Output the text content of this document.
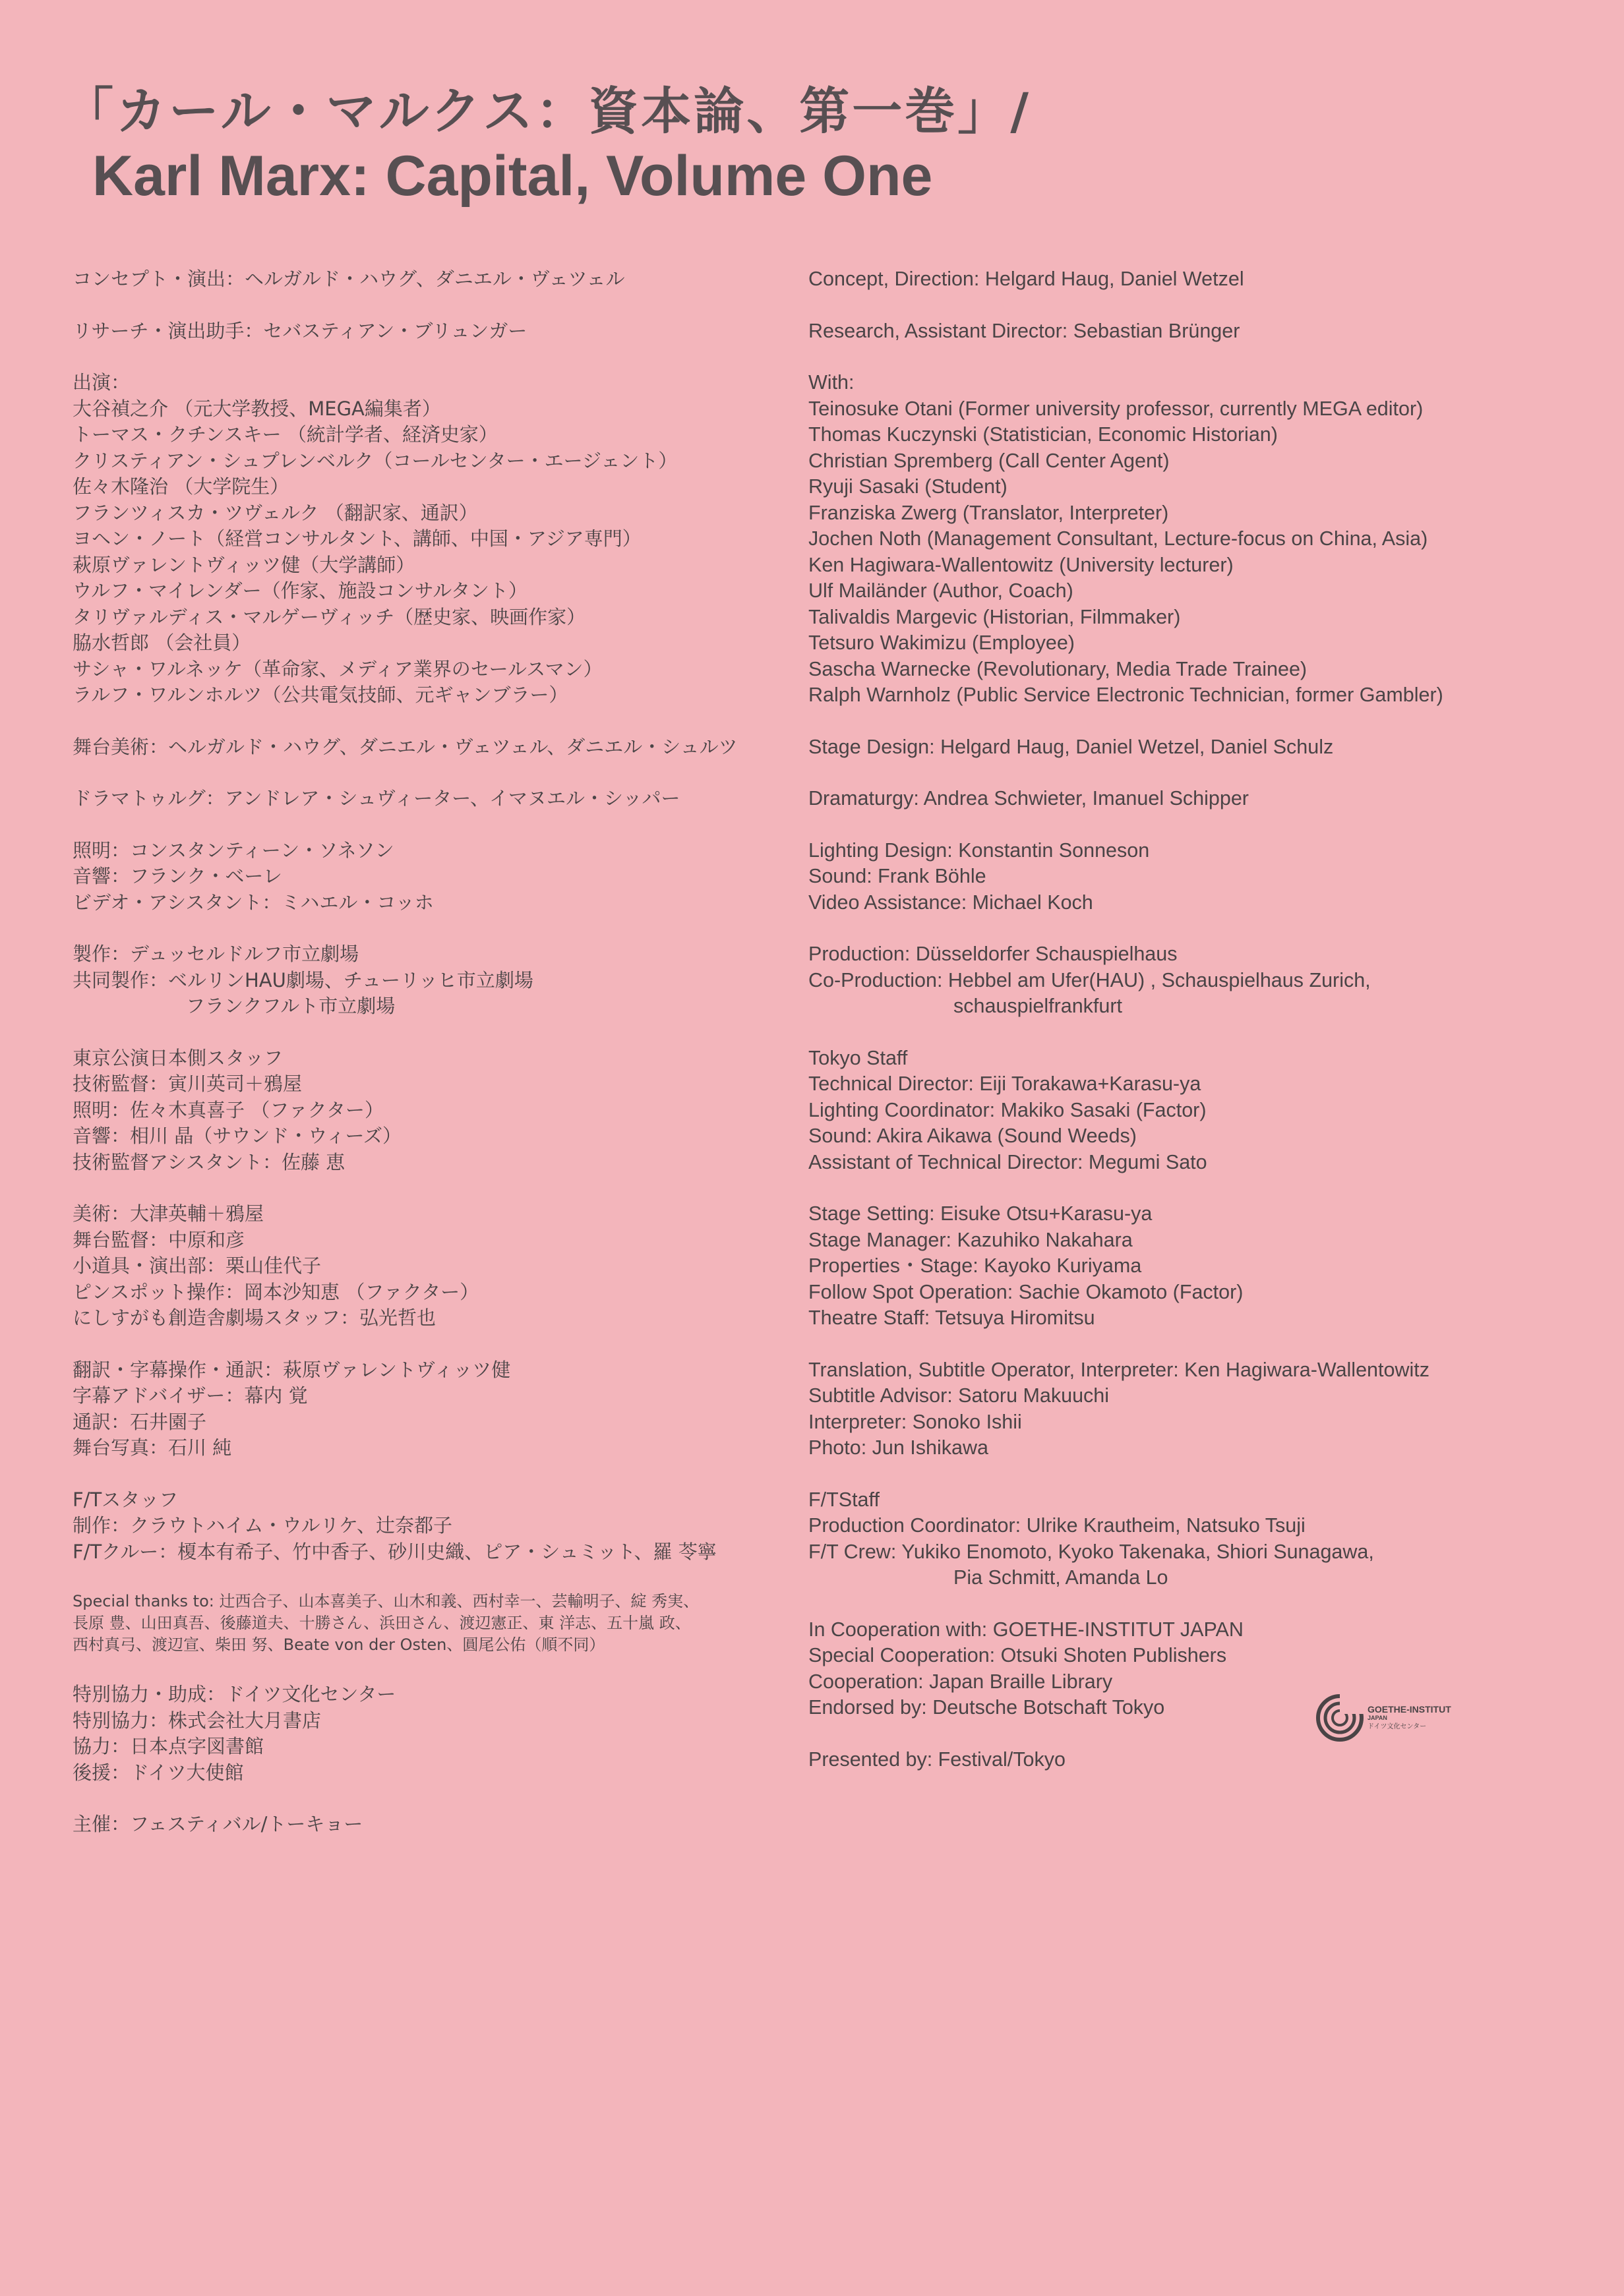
「カール・マルクス：資本論、第一巻」/
Karl Marx: Capital, Volume One
コンセプト・演出：ヘルガルド・ハウグ、ダニエル・ヴェツェル
リサーチ・演出助手：セバスティアン・ブリュンガー
出演：
大谷禎之介 （元大学教授、MEGA編集者）
トーマス・クチンスキー （統計学者、経済史家）
クリスティアン・シュプレンベルク（コールセンター・エージェント）
佐々木隆治 （大学院生）
フランツィスカ・ツヴェルク （翻訳家、通訳）
ヨヘン・ノート（経営コンサルタント、講師、中国・アジア専門）
萩原ヴァレントヴィッツ健（大学講師）
ウルフ・マイレンダー（作家、施設コンサルタント）
タリヴァルディス・マルゲーヴィッチ（歴史家、映画作家）
脇水哲郎 （会社員）
サシャ・ワルネッケ（革命家、メディア業界のセールスマン）
ラルフ・ワルンホルツ（公共電気技師、元ギャンブラー）
舞台美術：ヘルガルド・ハウグ、ダニエル・ヴェツェル、ダニエル・シュルツ
ドラマトゥルグ：アンドレア・シュヴィーター、イマヌエル・シッパー
照明：コンスタンティーン・ソネソン
音響：フランク・ベーレ
ビデオ・アシスタント：ミハエル・コッホ
製作：デュッセルドルフ市立劇場
共同製作：ベルリンHAU劇場、チューリッヒ市立劇場
フランクフルト市立劇場
東京公演日本側スタッフ
技術監督：寅川英司＋鴉屋
照明：佐々木真喜子 （ファクター）
音響：相川 晶（サウンド・ウィーズ）
技術監督アシスタント：佐藤 恵
美術：大津英輔＋鴉屋
舞台監督：中原和彦
小道具・演出部：栗山佳代子
ピンスポット操作：岡本沙知恵 （ファクター）
にしすがも創造舎劇場スタッフ：弘光哲也
翻訳・字幕操作・通訳：萩原ヴァレントヴィッツ健
字幕アドバイザー：幕内 覚
通訳：石井園子
舞台写真：石川 純
F/Tスタッフ
制作：クラウトハイム・ウルリケ、辻奈都子
F/Tクルー：榎本有希子、竹中香子、砂川史織、ピア・シュミット、羅 苓寧
Special thanks to: 辻西合子、山本喜美子、山木和義、西村幸一、芸輸明子、綻 秀実、
長原 豊、山田真吾、後藤道夫、十勝さん、浜田さん、渡辺憲正、東 洋志、五十嵐 政、
西村真弓、渡辺宣、柴田 努、Beate von der Osten、圓尾公佑（順不同）
特別協力・助成：ドイツ文化センター
特別協力：株式会社大月書店
協力：日本点字図書館
後援：ドイツ大使館
主催：フェスティバル/トーキョー
Concept, Direction: Helgard Haug, Daniel Wetzel
Research, Assistant Director: Sebastian Brünger
With:
Teinosuke Otani (Former university professor, currently MEGA editor)
Thomas Kuczynski (Statistician, Economic Historian)
Christian Spremberg (Call Center Agent)
Ryuji Sasaki (Student)
Franziska Zwerg (Translator, Interpreter)
Jochen Noth (Management Consultant, Lecture-focus on China, Asia)
Ken Hagiwara-Wallentowitz (University lecturer)
Ulf Mailänder (Author, Coach)
Talivaldis Margevic (Historian, Filmmaker)
Tetsuro Wakimizu (Employee)
Sascha Warnecke (Revolutionary, Media Trade Trainee)
Ralph Warnholz (Public Service Electronic Technician, former Gambler)
Stage Design: Helgard Haug, Daniel Wetzel, Daniel Schulz
Dramaturgy: Andrea Schwieter, Imanuel Schipper
Lighting Design: Konstantin Sonneson
Sound: Frank Böhle
Video Assistance: Michael Koch
Production: Düsseldorfer Schauspielhaus
Co-Production: Hebbel am Ufer(HAU) , Schauspielhaus Zurich,
schauspielfrankfurt
Tokyo Staff
Technical Director: Eiji Torakawa+Karasu-ya
Lighting Coordinator: Makiko Sasaki (Factor)
Sound: Akira Aikawa (Sound Weeds)
Assistant of Technical Director: Megumi Sato
Stage Setting: Eisuke Otsu+Karasu-ya
Stage Manager: Kazuhiko Nakahara
Properties・Stage: Kayoko Kuriyama
Follow Spot Operation: Sachie Okamoto (Factor)
Theatre Staff: Tetsuya Hiromitsu
Translation, Subtitle Operator, Interpreter: Ken Hagiwara-Wallentowitz
Subtitle Advisor: Satoru Makuuchi
Interpreter: Sonoko Ishii
Photo: Jun Ishikawa
F/TStaff
Production Coordinator: Ulrike Krautheim, Natsuko Tsuji
F/T Crew: Yukiko Enomoto, Kyoko Takenaka, Shiori Sunagawa,
Pia Schmitt, Amanda Lo
In Cooperation with: GOETHE-INSTITUT JAPAN
Special Cooperation: Otsuki Shoten Publishers
Cooperation: Japan Braille Library
Endorsed by: Deutsche Botschaft Tokyo
Presented by: Festival/Tokyo
GOETHE-INSTITUT
JAPAN
ドイツ文化センター
